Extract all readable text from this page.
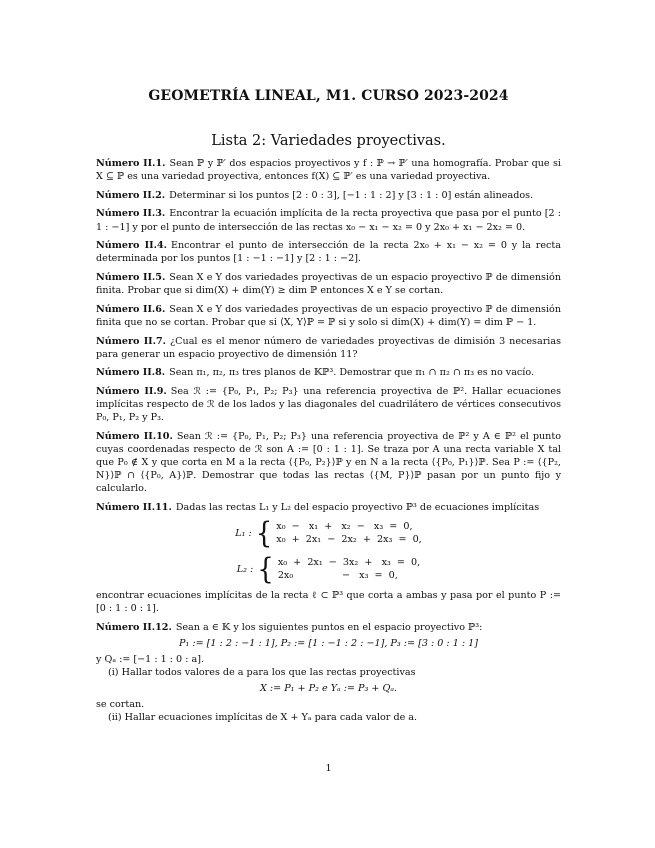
GEOMETRÍA LINEAL, M1. CURSO 2023-2024
Lista 2: Variedades proyectivas.

Número II.1. Sean ℙ y ℙ′ dos espacios proyectivos y f : ℙ → ℙ′ una homografía. Probar que si X ⊆ ℙ es una variedad proyectiva, entonces f(X) ⊆ ℙ′ es una variedad proyectiva.

Número II.2. Determinar si los puntos [2 : 0 : 3], [−1 : 1 : 2] y [3 : 1 : 0] están alineados.

Número II.3. Encontrar la ecuación implícita de la recta proyectiva que pasa por el punto [2 : 1 : −1] y por el punto de intersección de las rectas x₀ − x₁ − x₂ = 0 y 2x₀ + x₁ − 2x₂ = 0.

Número II.4. Encontrar el punto de intersección de la recta 2x₀ + x₁ − x₂ = 0 y la recta determinada por los puntos [1 : −1 : −1] y [2 : 1 : −2].

Número II.5. Sean X e Y dos variedades proyectivas de un espacio proyectivo ℙ de dimensión finita. Probar que si dim(X) + dim(Y) ≥ dim ℙ entonces X e Y se cortan.

Número II.6. Sean X e Y dos variedades proyectivas de un espacio proyectivo ℙ de dimensión finita que no se cortan. Probar que si ⟨X, Y⟩ℙ = ℙ si y solo si dim(X) + dim(Y) = dim ℙ − 1.

Número II.7. ¿Cual es el menor número de variedades proyectivas de dimisión 3 necesarias para generar un espacio proyectivo de dimensión 11?

Número II.8. Sean π₁, π₂, π₃ tres planos de 𝕂ℙ³. Demostrar que π₁ ∩ π₂ ∩ π₃ es no vacío.

Número II.9. Sea ℛ := {P₀, P₁, P₂; P₃} una referencia proyectiva de ℙ². Hallar ecuaciones implícitas respecto de ℛ de los lados y las diagonales del cuadrilátero de vértices consecutivos P₀, P₁, P₂ y P₃.

Número II.10. Sean ℛ := {P₀, P₁, P₂; P₃} una referencia proyectiva de ℙ² y A ∈ ℙ² el punto cuyas coordenadas respecto de ℛ son A := [0 : 1 : 1]. Se traza por A una recta variable X tal que P₀ ∉ X y que corta en M a la recta ⟨{P₀, P₂}⟩ℙ y en N a la recta ⟨{P₀, P₁}⟩ℙ. Sea P := ⟨{P₂, N}⟩ℙ ∩ ⟨{P₀, A}⟩ℙ. Demostrar que todas las rectas ⟨{M, P}⟩ℙ pasan por un punto fijo y calcularlo.

Número II.11. Dadas las rectas L₁ y L₂ del espacio proyectivo ℙ³ de ecuaciones implícitas
L₁ : { x₀  −   x₁  +   x₂  −   x₃  =  0,
x₀  +  2x₁  −  2x₂  +  2x₃  =  0,
L₂ : { x₀  +  2x₁  −  3x₂  +   x₃  =  0,
2x₀                −   x₃  =  0,
encontrar ecuaciones implícitas de la recta ℓ ⊂ ℙ³ que corta a ambas y pasa por el punto P := [0 : 1 : 0 : 1].
Número II.12. Sean a ∈ 𝕂 y los siguientes puntos en el espacio proyectivo ℙ³:
P₁ := [1 : 2 : −1 : 1], P₂ := [1 : −1 : 2 : −1], P₃ := [3 : 0 : 1 : 1]
y Qₐ := [−1 : 1 : 0 : a].
(i) Hallar todos valores de a para los que las rectas proyectivas
X := P₁ + P₂ e Yₐ := P₃ + Qₐ.
se cortan.
(ii) Hallar ecuaciones implícitas de X + Yₐ para cada valor de a.
1
